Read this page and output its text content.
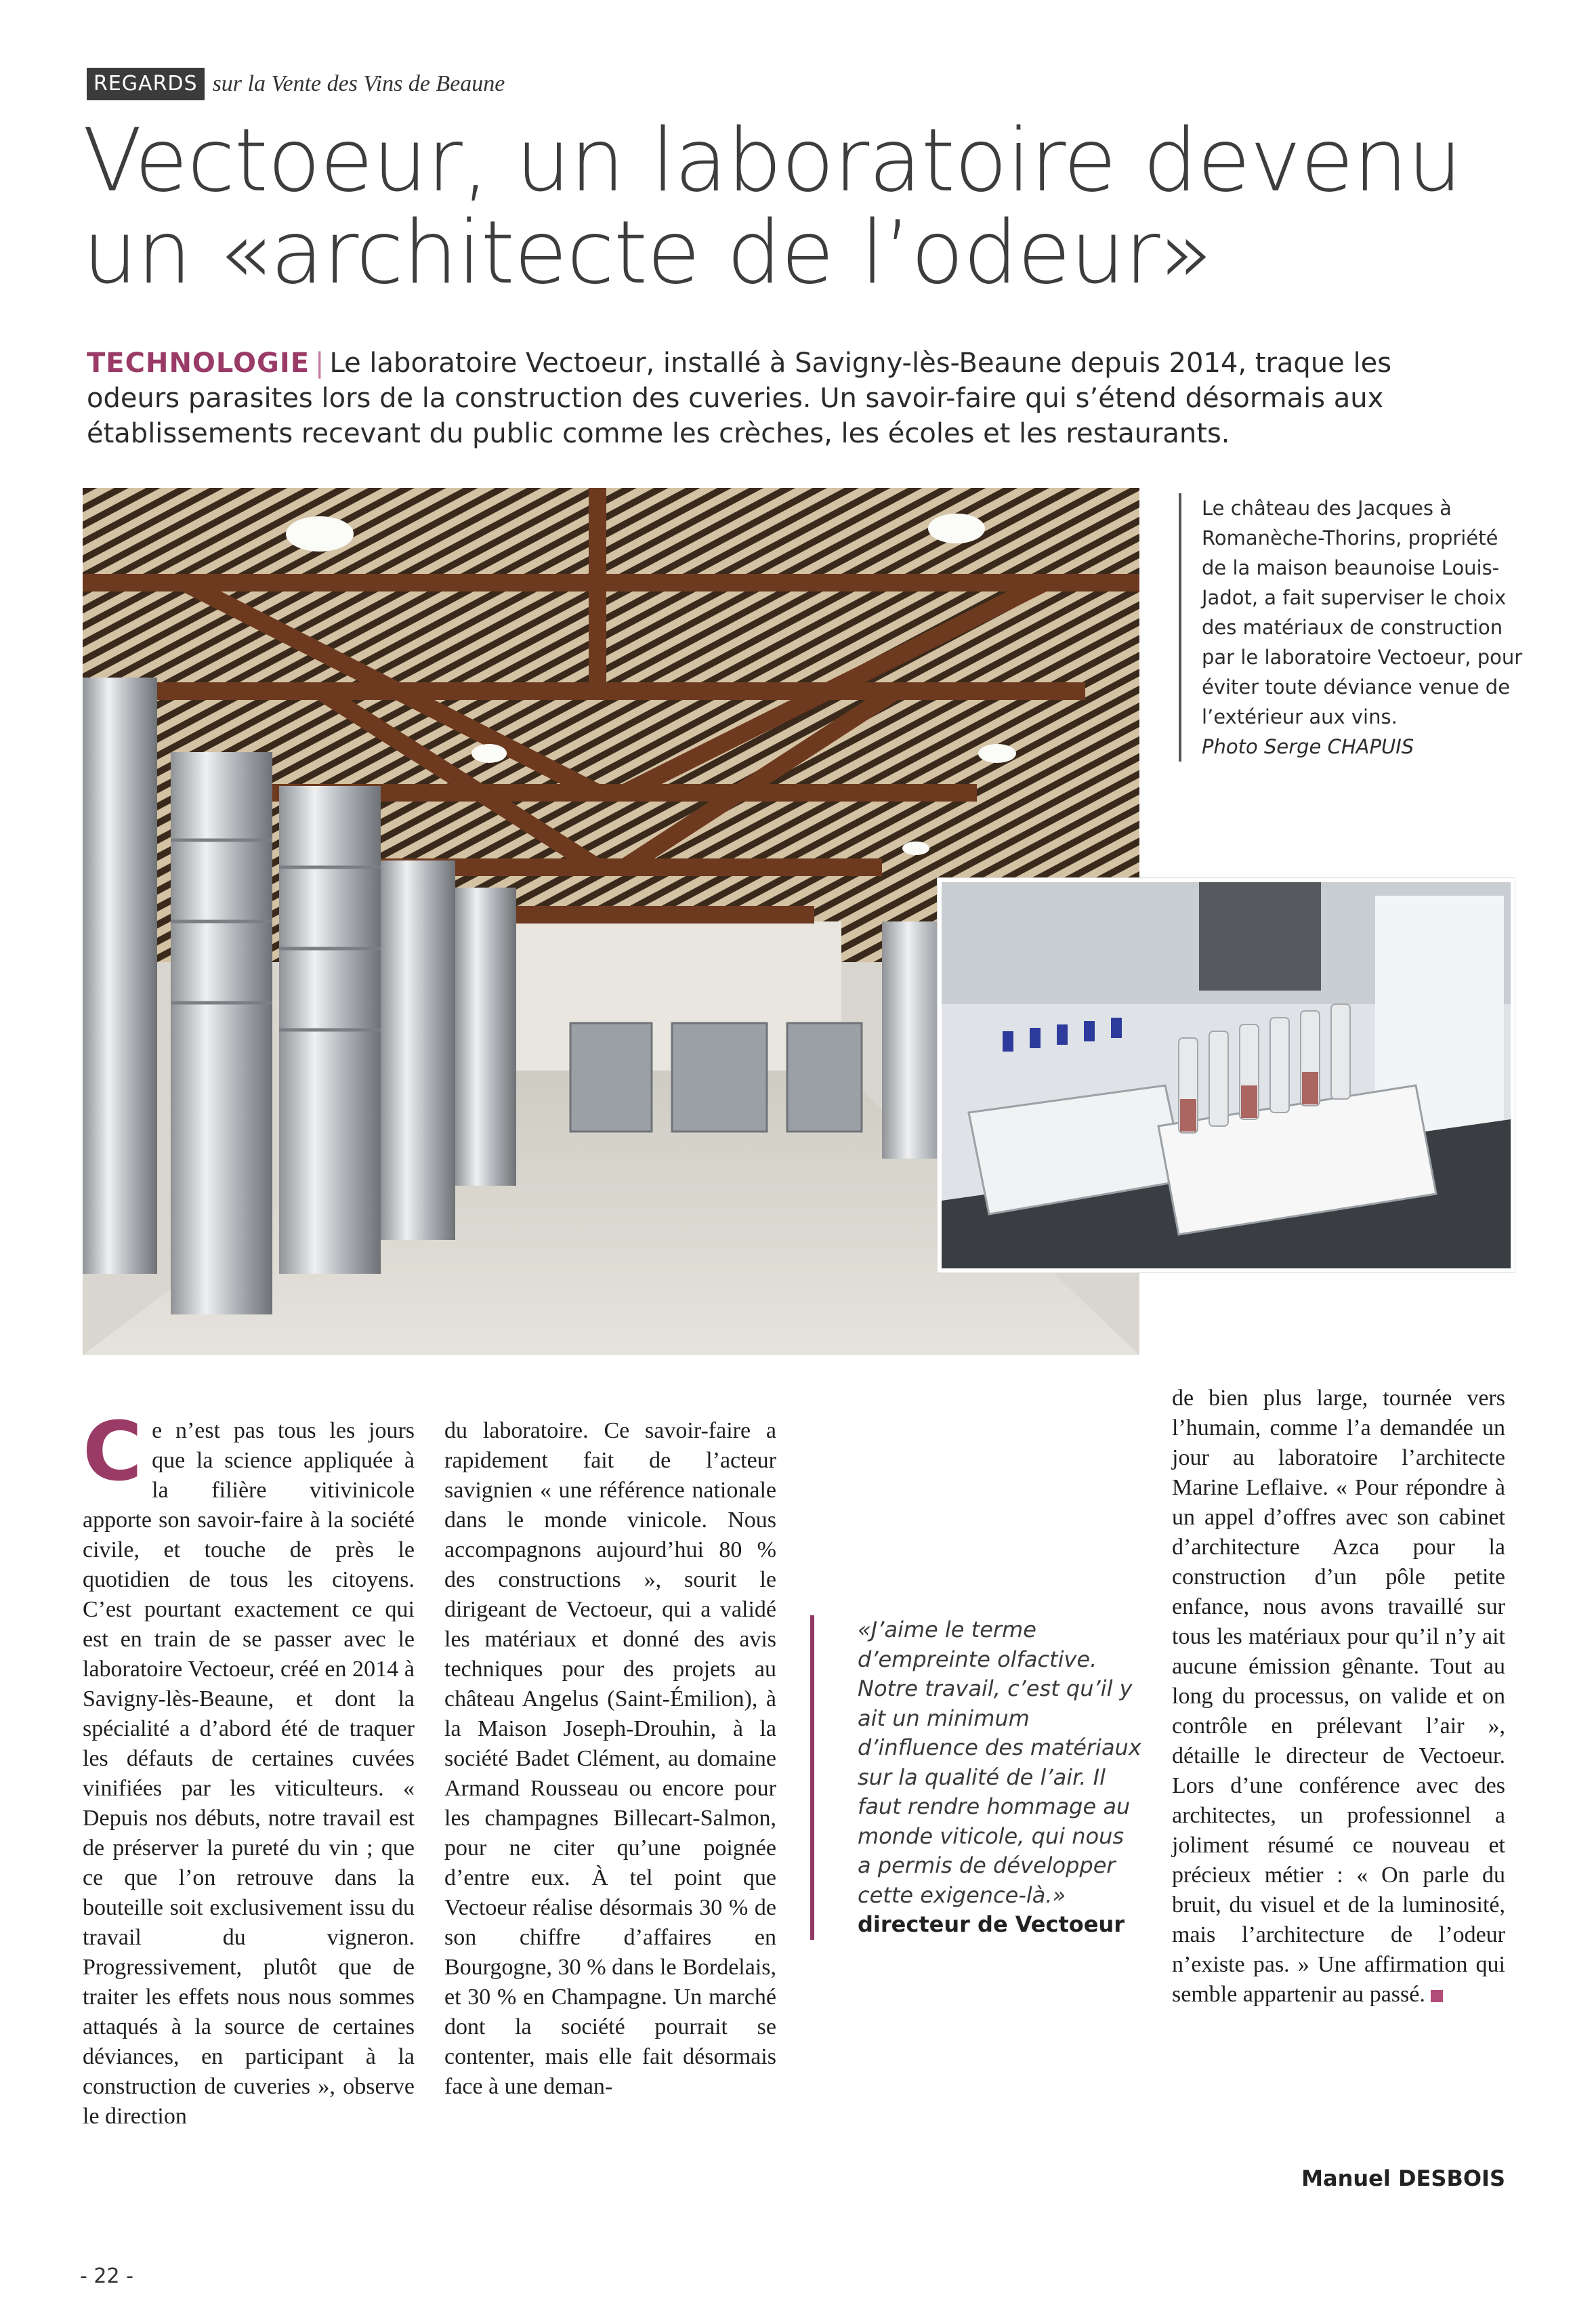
REGARDS sur la Vente des Vins de Beaune
Vectoeur, un laboratoire devenu
un «architecte de l’odeur»
TECHNOLOGIE | Le laboratoire Vectoeur, installé à Savigny-lès-Beaune depuis 2014, traque les odeurs parasites lors de la construction des cuveries. Un savoir-faire qui s’étend désormais aux établissements recevant du public comme les crèches, les écoles et les restaurants.
Le château des Jacques à Romanèche-Thorins, propriété de la maison beaunoise Louis-Jadot, a fait superviser le choix des matériaux de construction par le laboratoire Vectoeur, pour éviter toute déviance venue de l’extérieur aux vins.
Photo Serge CHAPUIS
Ce n’est pas tous les jours que la science appliquée à la filière vitivinicole apporte son savoir-faire à la société civile, et touche de près le quotidien de tous les citoyens. C’est pourtant exactement ce qui est en train de se passer avec le laboratoire Vectoeur, créé en 2014 à Savigny-lès-Beaune, et dont la spécialité a d’abord été de traquer les défauts de certaines cuvées vinifiées par les viticulteurs. « Depuis nos débuts, notre travail est de préserver la pureté du vin ; que ce que l’on retrouve dans la bouteille soit exclusivement issu du travail du vigneron. Progressivement, plutôt que de traiter les effets nous nous sommes attaqués à la source de certaines déviances, en participant à la construction de cuveries », observe le direction
du laboratoire. Ce savoir-faire a rapidement fait de l’acteur savignien « une référence nationale dans le monde vinicole. Nous accompagnons aujourd’hui 80 % des constructions », sourit le dirigeant de Vectoeur, qui a validé les matériaux et donné des avis techniques pour des projets au château Angelus (Saint-Émilion), à la Maison Joseph-Drouhin, à la société Badet Clément, au domaine Armand Rousseau ou encore pour les champagnes Billecart-Salmon, pour ne citer qu’une poignée d’entre eux. À tel point que Vectoeur réalise désormais 30 % de son chiffre d’affaires en Bourgogne, 30 % dans le Bordelais, et 30 % en Champagne. Un marché dont la société pourrait se contenter, mais elle fait désormais face à une deman-
«J’aime le terme d’empreinte olfactive. Notre travail, c’est qu’il y ait un minimum d’influence des matériaux sur la qualité de l’air. Il faut rendre hommage au monde viticole, qui nous a permis de développer cette exigence-là.»
directeur de Vectoeur
de bien plus large, tournée vers l’humain, comme l’a demandée un jour au laboratoire l’architecte Marine Leflaive. « Pour répondre à un appel d’offres avec son cabinet d’architecture Azca pour la construction d’un pôle petite enfance, nous avons travaillé sur tous les matériaux pour qu’il n’y ait aucune émission gênante. Tout au long du processus, on valide et on contrôle en prélevant l’air », détaille le directeur de Vectoeur. Lors d’une conférence avec des architectes, un professionnel a joliment résumé ce nouveau et précieux métier : « On parle du bruit, du visuel et de la luminosité, mais l’architecture de l’odeur n’existe pas. » Une affirmation qui semble appartenir au passé.
Manuel DESBOIS
- 22 -
